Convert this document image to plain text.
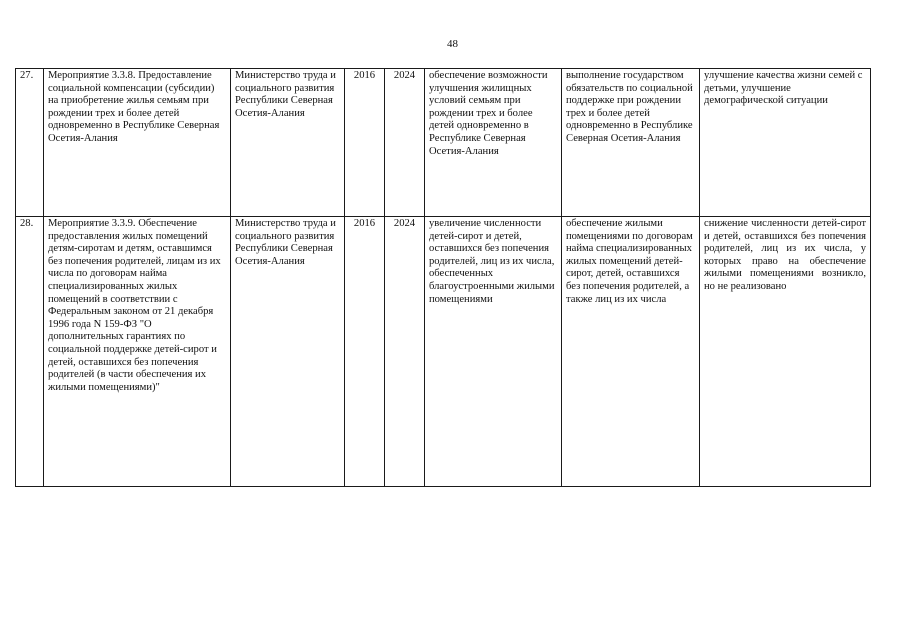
48
27.	Мероприятие 3.3.8. Предоставление социальной компенсации (субсидии) на приобретение жилья семьям при рождении трех и более детей одновременно в Республике Северная Осетия-Алания	Министерство труда и социального развития Республики Северная Осетия-Алания	2016	2024	обеспечение возможности улучшения жилищных условий семьям при рождении трех и более детей одновременно в Республике Северная Осетия-Алания	выполнение государством обязательств по социальной поддержке при рождении трех и более детей одновременно в Республике Северная Осетия-Алания	улучшение качества жизни семей с детьми, улучшение демографической ситуации
28.	Мероприятие 3.3.9. Обеспечение предоставления жилых помещений детям-сиротам и детям, оставшимся без попечения родителей, лицам из их числа по договорам найма специализированных жилых помещений в соответствии с Федеральным законом от 21 декабря 1996 года N 159-ФЗ "О дополнительных гарантиях по социальной поддержке детей-сирот и детей, оставшихся без попечения родителей (в части обеспечения их жилыми помещениями)"	Министерство труда и социального развития Республики Северная Осетия-Алания	2016	2024	увеличение численности детей-сирот и детей, оставшихся без попечения родителей, лиц из их числа, обеспеченных благоустроенными жилыми помещениями	обеспечение жилыми помещениями по договорам найма специализированных жилых помещений детей-сирот, детей, оставшихся без попечения родителей, а также лиц из их числа	снижение численности детей-сирот и детей, оставшихся без попечения родителей, лиц из их числа, у которых право на обеспечение жилыми помещениями возникло, но не реализовано
